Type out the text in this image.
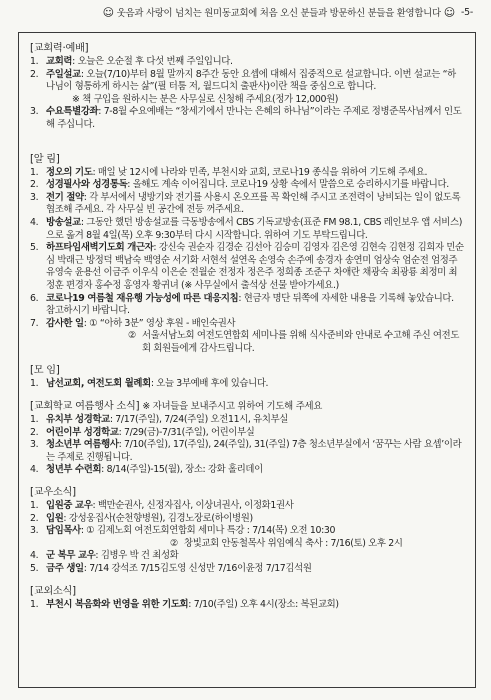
☺ 웃음과 사랑이 넘치는 원미동교회에 처음 오신 분들과 방문하신 분들을 환영합니다 ☺ -5-
[교회력·예배]
1. 교회력: 오늘은 오순절 후 다섯 번째 주일입니다.
2. 주일설교: 오늘(7/10)부터 8월 말까지 8주간 동안 요셉에 대해서 집중적으로 설교합니다. 이번 설교는 “하나님이 형통하게 하시는 삶”(필 터툼 저, 월드디치 출판사)이란 책을 중심으로 합니다.
※ 책 구입을 원하시는 분은 사무실로 신청해 주세요(정가 12,000원)
3. 수요특별강좌: 7-8월 수요예배는 “창세기에서 만나는 은혜의 하나님”이라는 주제로 정병준목사님께서 인도해 주십니다.
[알 림]
1. 정오의 기도: 매일 낮 12시에 나라와 민족, 부천시와 교회, 코로나19 종식을 위하여 기도해 주세요.
2. 성경필사와 성경통독: 올해도 계속 이어집니다. 코로나19 상황 속에서 말씀으로 승리하시기를 바랍니다.
3. 전기 절약: 각 부서에서 냉방기와 전기를 사용시 온오프를 꼭 확인해 주시고 조전력이 낭비되는 일이 없도록 협조해 주세요. 각 사무실 빈 공간에 전등 꺼주세요.
4. 방송설교: 그동안 했던 방송설교를 극동방송에서 CBS 기독교방송(표준 FM 98.1, CBS 레인보우 앱 서비스)으로 옮겨 8월 4일(목) 오후 9:30부터 다시 시작합니다. 위하여 기도 부탁드립니다.
5. 하프타임새벽기도회 개근자: 강신숙 권순자 김경순 김선아 김승미 김영자 김은영 김현숙 김현정 김희자 민순심 박래근 방정덕 백남숙 백영순 서기화 서현석 설연옥 손영숙 손주예 송경자 송연미 엄상숙 엄순전 엄정주 유영숙 윤용선 이금주 이우식 이은순 전월순 전정자 정은주 정희종 조준구 차애란 채광숙 최광룡 최정미 최정훈 편경자 홍수정 홍영자 황귀녀 (※ 사무실에서 출석상 선물 받아가세요.)
6. 코로나19 여름철 재유행 가능성에 따른 대응지침: 현금자 명단 뒤쪽에 자세한 내용을 기록해 놓았습니다. 참고하시기 바랍니다.
7. 감사한 일: ① “아하 3분” 영상 후원 - 배인숙권사
② 서울서남노회 여전도연합회 세미나를 위해 식사준비와 안내로 수고해 주신 여전도회 회원들에게 감사드립니다.
[모 임]
1. 남선교회, 여전도회 월례회: 오늘 3부예배 후에 있습니다.
[교회학교 여름행사 소식] ※ 자녀들을 보내주시고 위하여 기도해 주세요
1. 유치부 성경학교: 7/17(주일), 7/24(주일) 오전11시, 유치부실
2. 어린이부 성경학교: 7/29(금)-7/31(주일), 어린이부실
3. 청소년부 여름행사: 7/10(주일), 17(주일), 24(주일), 31(주일) 7층 청소년부실에서 ‘꿈꾸는 사람 요셉’이라는 주제로 진행됩니다.
4. 청년부 수련회: 8/14(주일)-15(월), 장소: 강화 홀리데이
[교우소식]
1. 입원중 교우: 백만순권사, 신정자집사, 이상녀권사, 이정화1권사
2. 입원: 강성웅집사(순천향병원), 김경노장로(하이병원)
3. 담임목사: ① 김제노회 여전도회연합회 세미나 특강 : 7/14(목) 오전 10:30
② 창빛교회 안동철목사 위임예식 축사 : 7/16(토) 오후 2시
4. 군 복무 교우: 김병우 박 건 최성화
5. 금주 생일: 7/14 강석조 7/15김도영 신성만 7/16이윤정 7/17김석원
[교외소식]
1. 부천시 복음화와 번영을 위한 기도회: 7/10(주일) 오후 4시(장소: 복된교회)
